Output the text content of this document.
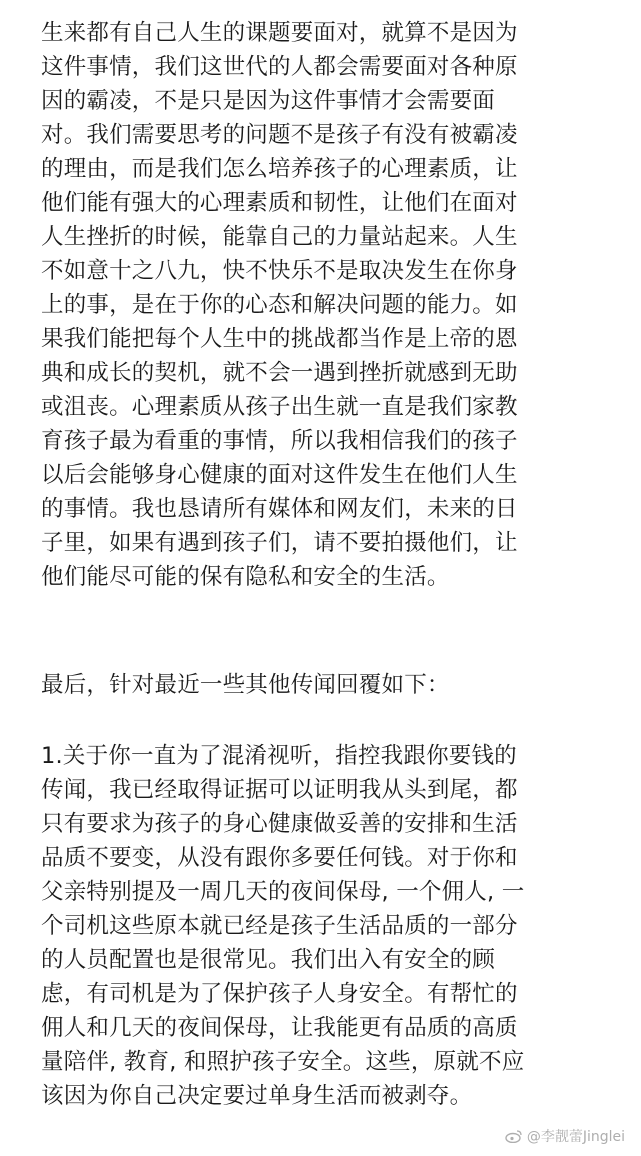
生来都有自己人生的课题要面对，就算不是因为
这件事情，我们这世代的人都会需要面对各种原
因的霸凌，不是只是因为这件事情才会需要面
对。我们需要思考的问题不是孩子有没有被霸凌
的理由，而是我们怎么培养孩子的心理素质，让
他们能有强大的心理素质和韧性，让他们在面对
人生挫折的时候，能靠自己的力量站起来。人生
不如意十之八九，快不快乐不是取决发生在你身
上的事，是在于你的心态和解决问题的能力。如
果我们能把每个人生中的挑战都当作是上帝的恩
典和成长的契机，就不会一遇到挫折就感到无助
或沮丧。心理素质从孩子出生就一直是我们家教
育孩子最为看重的事情，所以我相信我们的孩子
以后会能够身心健康的面对这件发生在他们人生
的事情。我也恳请所有媒体和网友们，未来的日
子里，如果有遇到孩子们，请不要拍摄他们，让
他们能尽可能的保有隐私和安全的生活。
最后，针对最近一些其他传闻回覆如下：
1.关于你一直为了混淆视听，指控我跟你要钱的
传闻，我已经取得证据可以证明我从头到尾，都
只有要求为孩子的身心健康做妥善的安排和生活
品质不要变，从没有跟你多要任何钱。对于你和
父亲特别提及一周几天的夜间保母, 一个佣人, 一
个司机这些原本就已经是孩子生活品质的一部分
的人员配置也是很常见。我们出入有安全的顾
虑，有司机是为了保护孩子人身安全。有帮忙的
佣人和几天的夜间保母，让我能更有品质的高质
量陪伴, 教育, 和照护孩子安全。这些，原就不应
该因为你自己决定要过单身生活而被剥夺。
@李靓蕾Jinglei
